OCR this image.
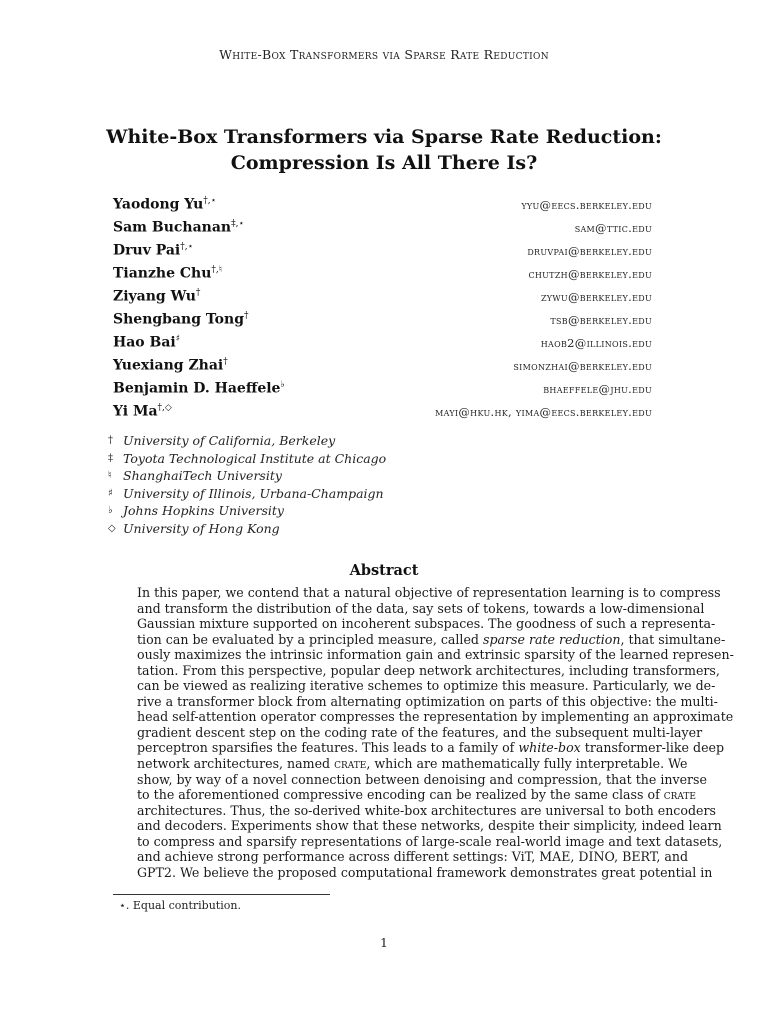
White-Box Transformers via Sparse Rate Reduction
White-Box Transformers via Sparse Rate Reduction:
Compression Is All There Is?
Yaodong Yu†,⋆	yyu@eecs.berkeley.edu
Sam Buchanan‡,⋆	sam@ttic.edu
Druv Pai†,⋆	druvpai@berkeley.edu
Tianzhe Chu†,♮	chutzh@berkeley.edu
Ziyang Wu†	zywu@berkeley.edu
Shengbang Tong†	tsb@berkeley.edu
Hao Bai♯	haob2@illinois.edu
Yuexiang Zhai†	simonzhai@berkeley.edu
Benjamin D. Haeffele♭	bhaeffele@jhu.edu
Yi Ma†,◇	mayi@hku.hk, yima@eecs.berkeley.edu
† University of California, Berkeley
‡ Toyota Technological Institute at Chicago
♮ ShanghaiTech University
♯ University of Illinois, Urbana-Champaign
♭ Johns Hopkins University
◇ University of Hong Kong
Abstract
In this paper, we contend that a natural objective of representation learning is to compress
and transform the distribution of the data, say sets of tokens, towards a low-dimensional
Gaussian mixture supported on incoherent subspaces. The goodness of such a representa-
tion can be evaluated by a principled measure, called sparse rate reduction, that simultane-
ously maximizes the intrinsic information gain and extrinsic sparsity of the learned represen-
tation. From this perspective, popular deep network architectures, including transformers,
can be viewed as realizing iterative schemes to optimize this measure. Particularly, we de-
rive a transformer block from alternating optimization on parts of this objective: the multi-
head self-attention operator compresses the representation by implementing an approximate
gradient descent step on the coding rate of the features, and the subsequent multi-layer
perceptron sparsifies the features. This leads to a family of white-box transformer-like deep
network architectures, named crate, which are mathematically fully interpretable. We
show, by way of a novel connection between denoising and compression, that the inverse
to the aforementioned compressive encoding can be realized by the same class of crate
architectures. Thus, the so-derived white-box architectures are universal to both encoders
and decoders. Experiments show that these networks, despite their simplicity, indeed learn
to compress and sparsify representations of large-scale real-world image and text datasets,
and achieve strong performance across different settings: ViT, MAE, DINO, BERT, and
GPT2. We believe the proposed computational framework demonstrates great potential in
⋆. Equal contribution.
1
